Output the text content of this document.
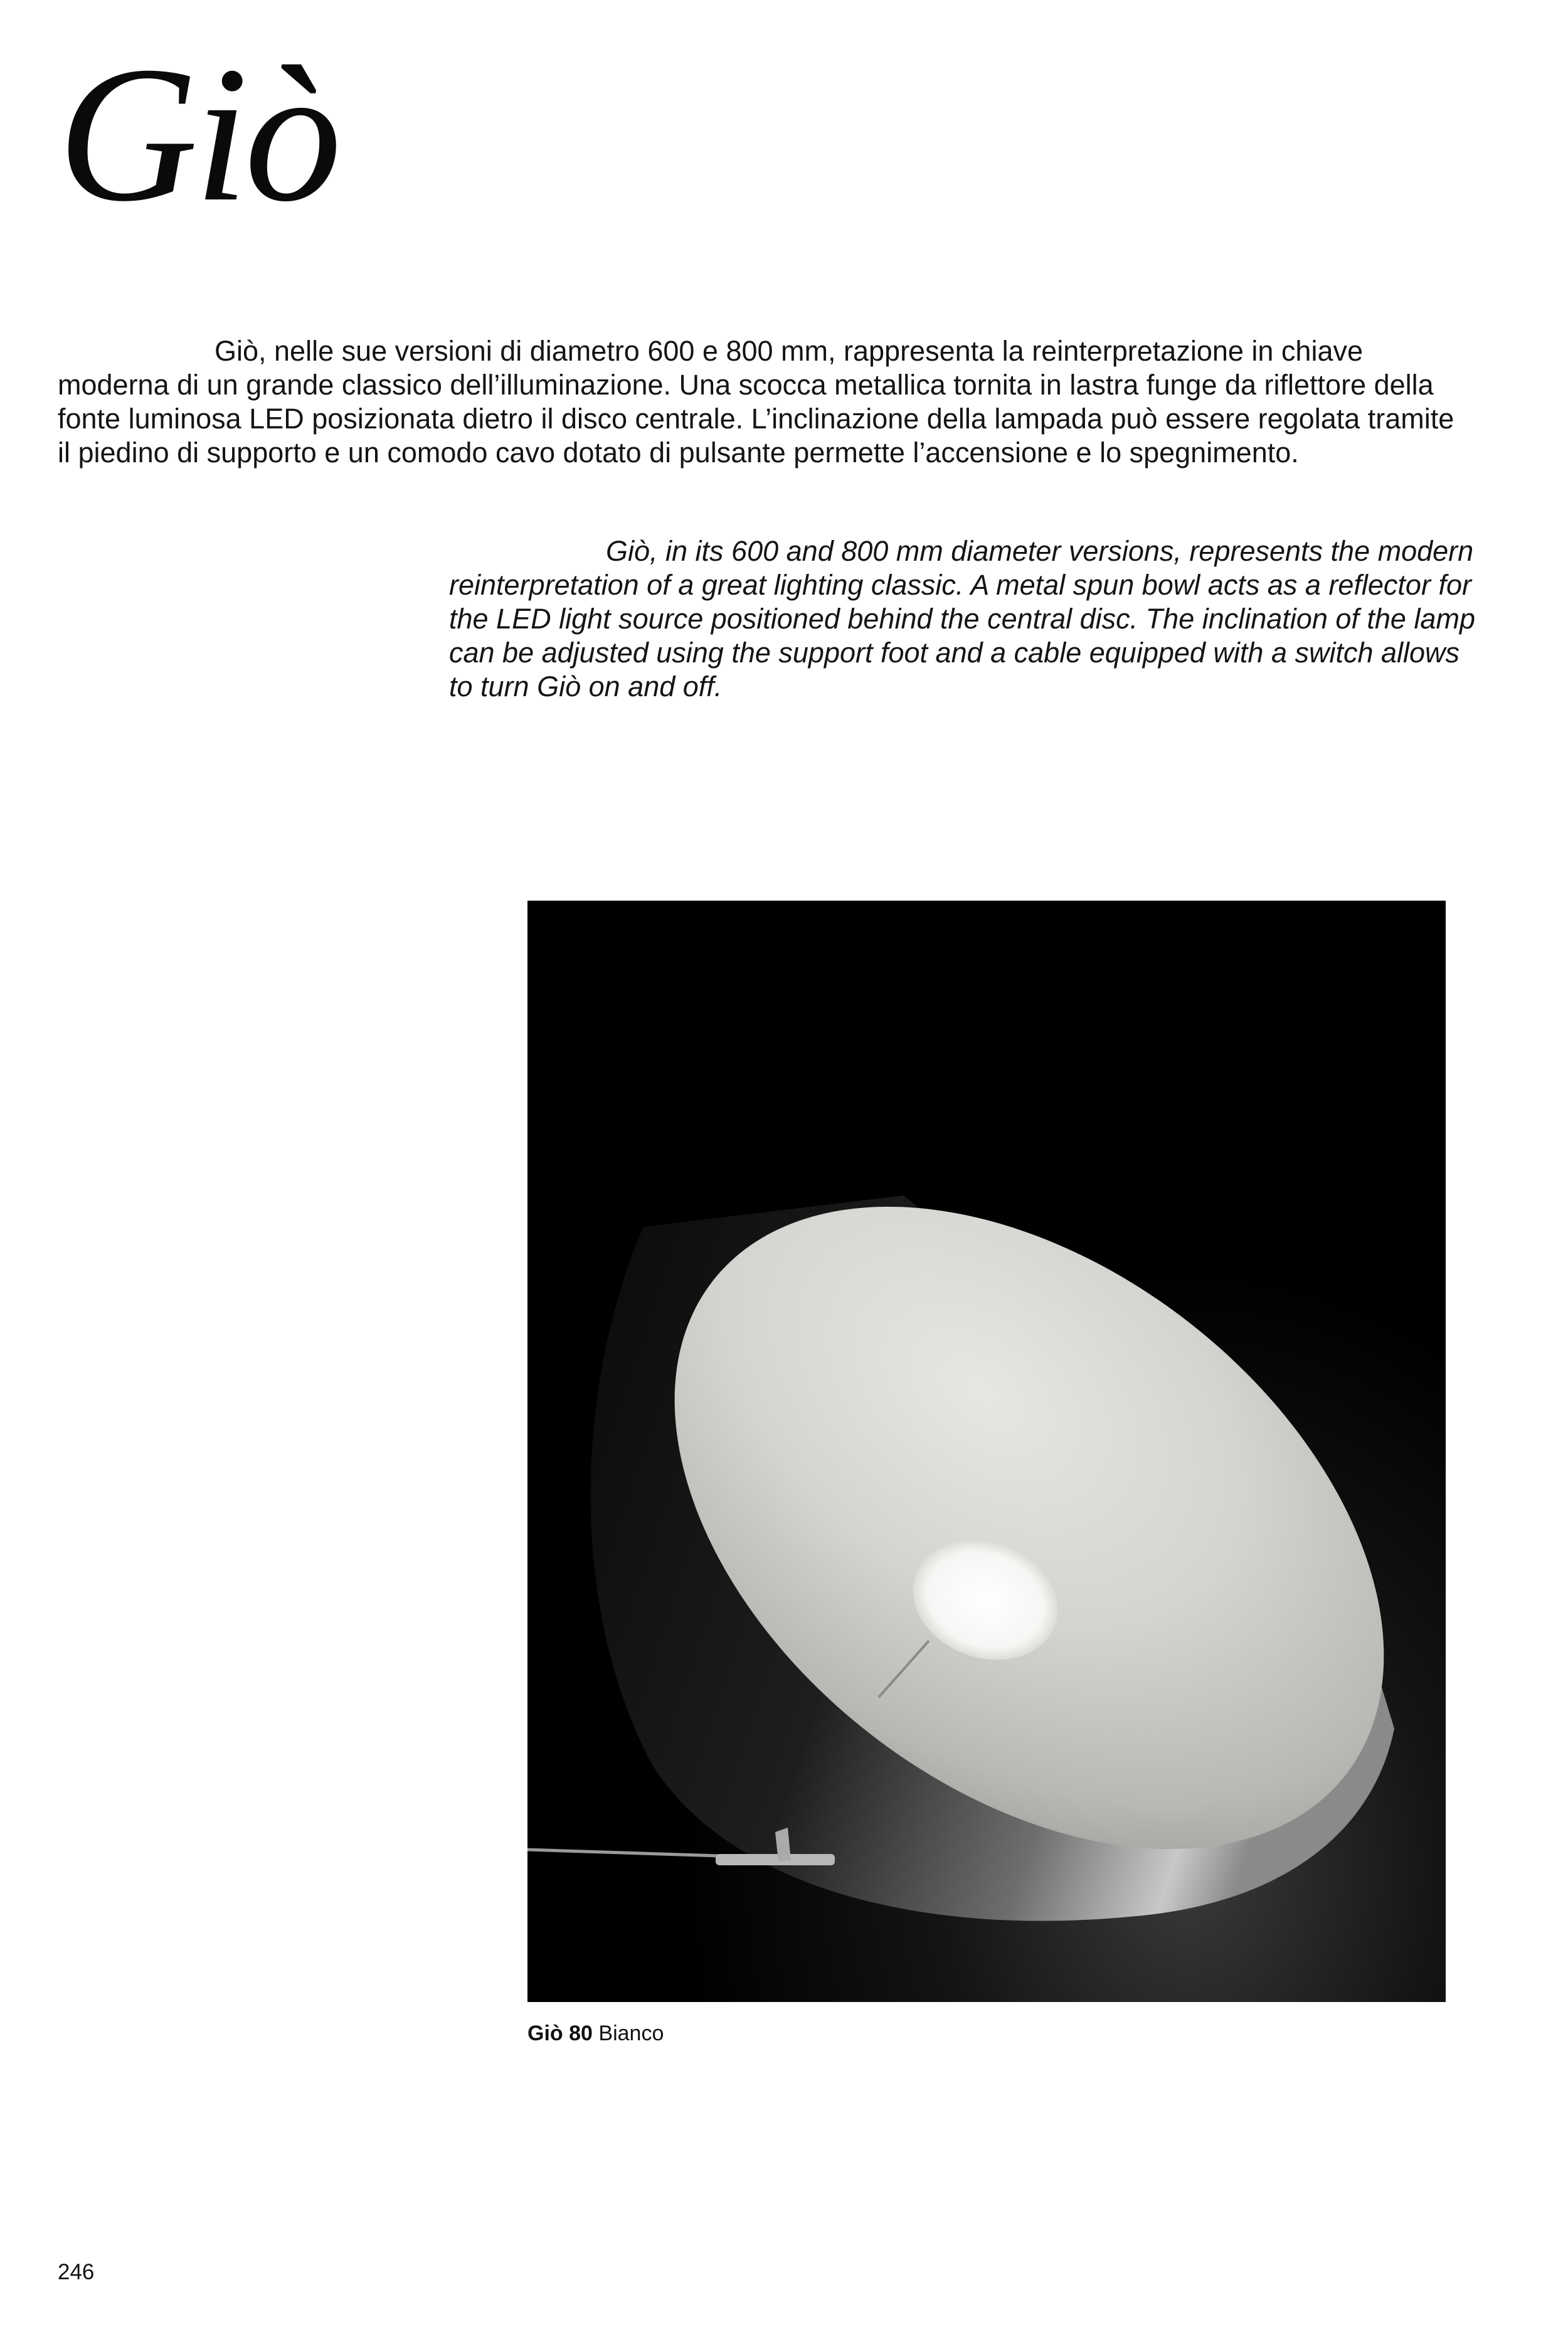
Giò

Giò, nelle sue versioni di diametro 600 e 800 mm, rappresenta la reinterpretazione in chiave moderna di un grande classico dell’illuminazione. Una scocca metallica tornita in lastra funge da riflettore della fonte luminosa LED posizionata dietro il disco centrale. L’inclinazione della lampada può essere regolata tramite il piedino di supporto e un comodo cavo dotato di pulsante permette l’accensione e lo spegnimento.

Giò, in its 600 and 800 mm diameter versions, represents the modern reinterpretation of a great lighting classic. A metal spun bowl acts as a reflector for the LED light source positioned behind the central disc. The inclination of the lamp can be adjusted using the support foot and a cable equipped with a switch allows to turn Giò on and off.

Giò 80 Bianco

246
